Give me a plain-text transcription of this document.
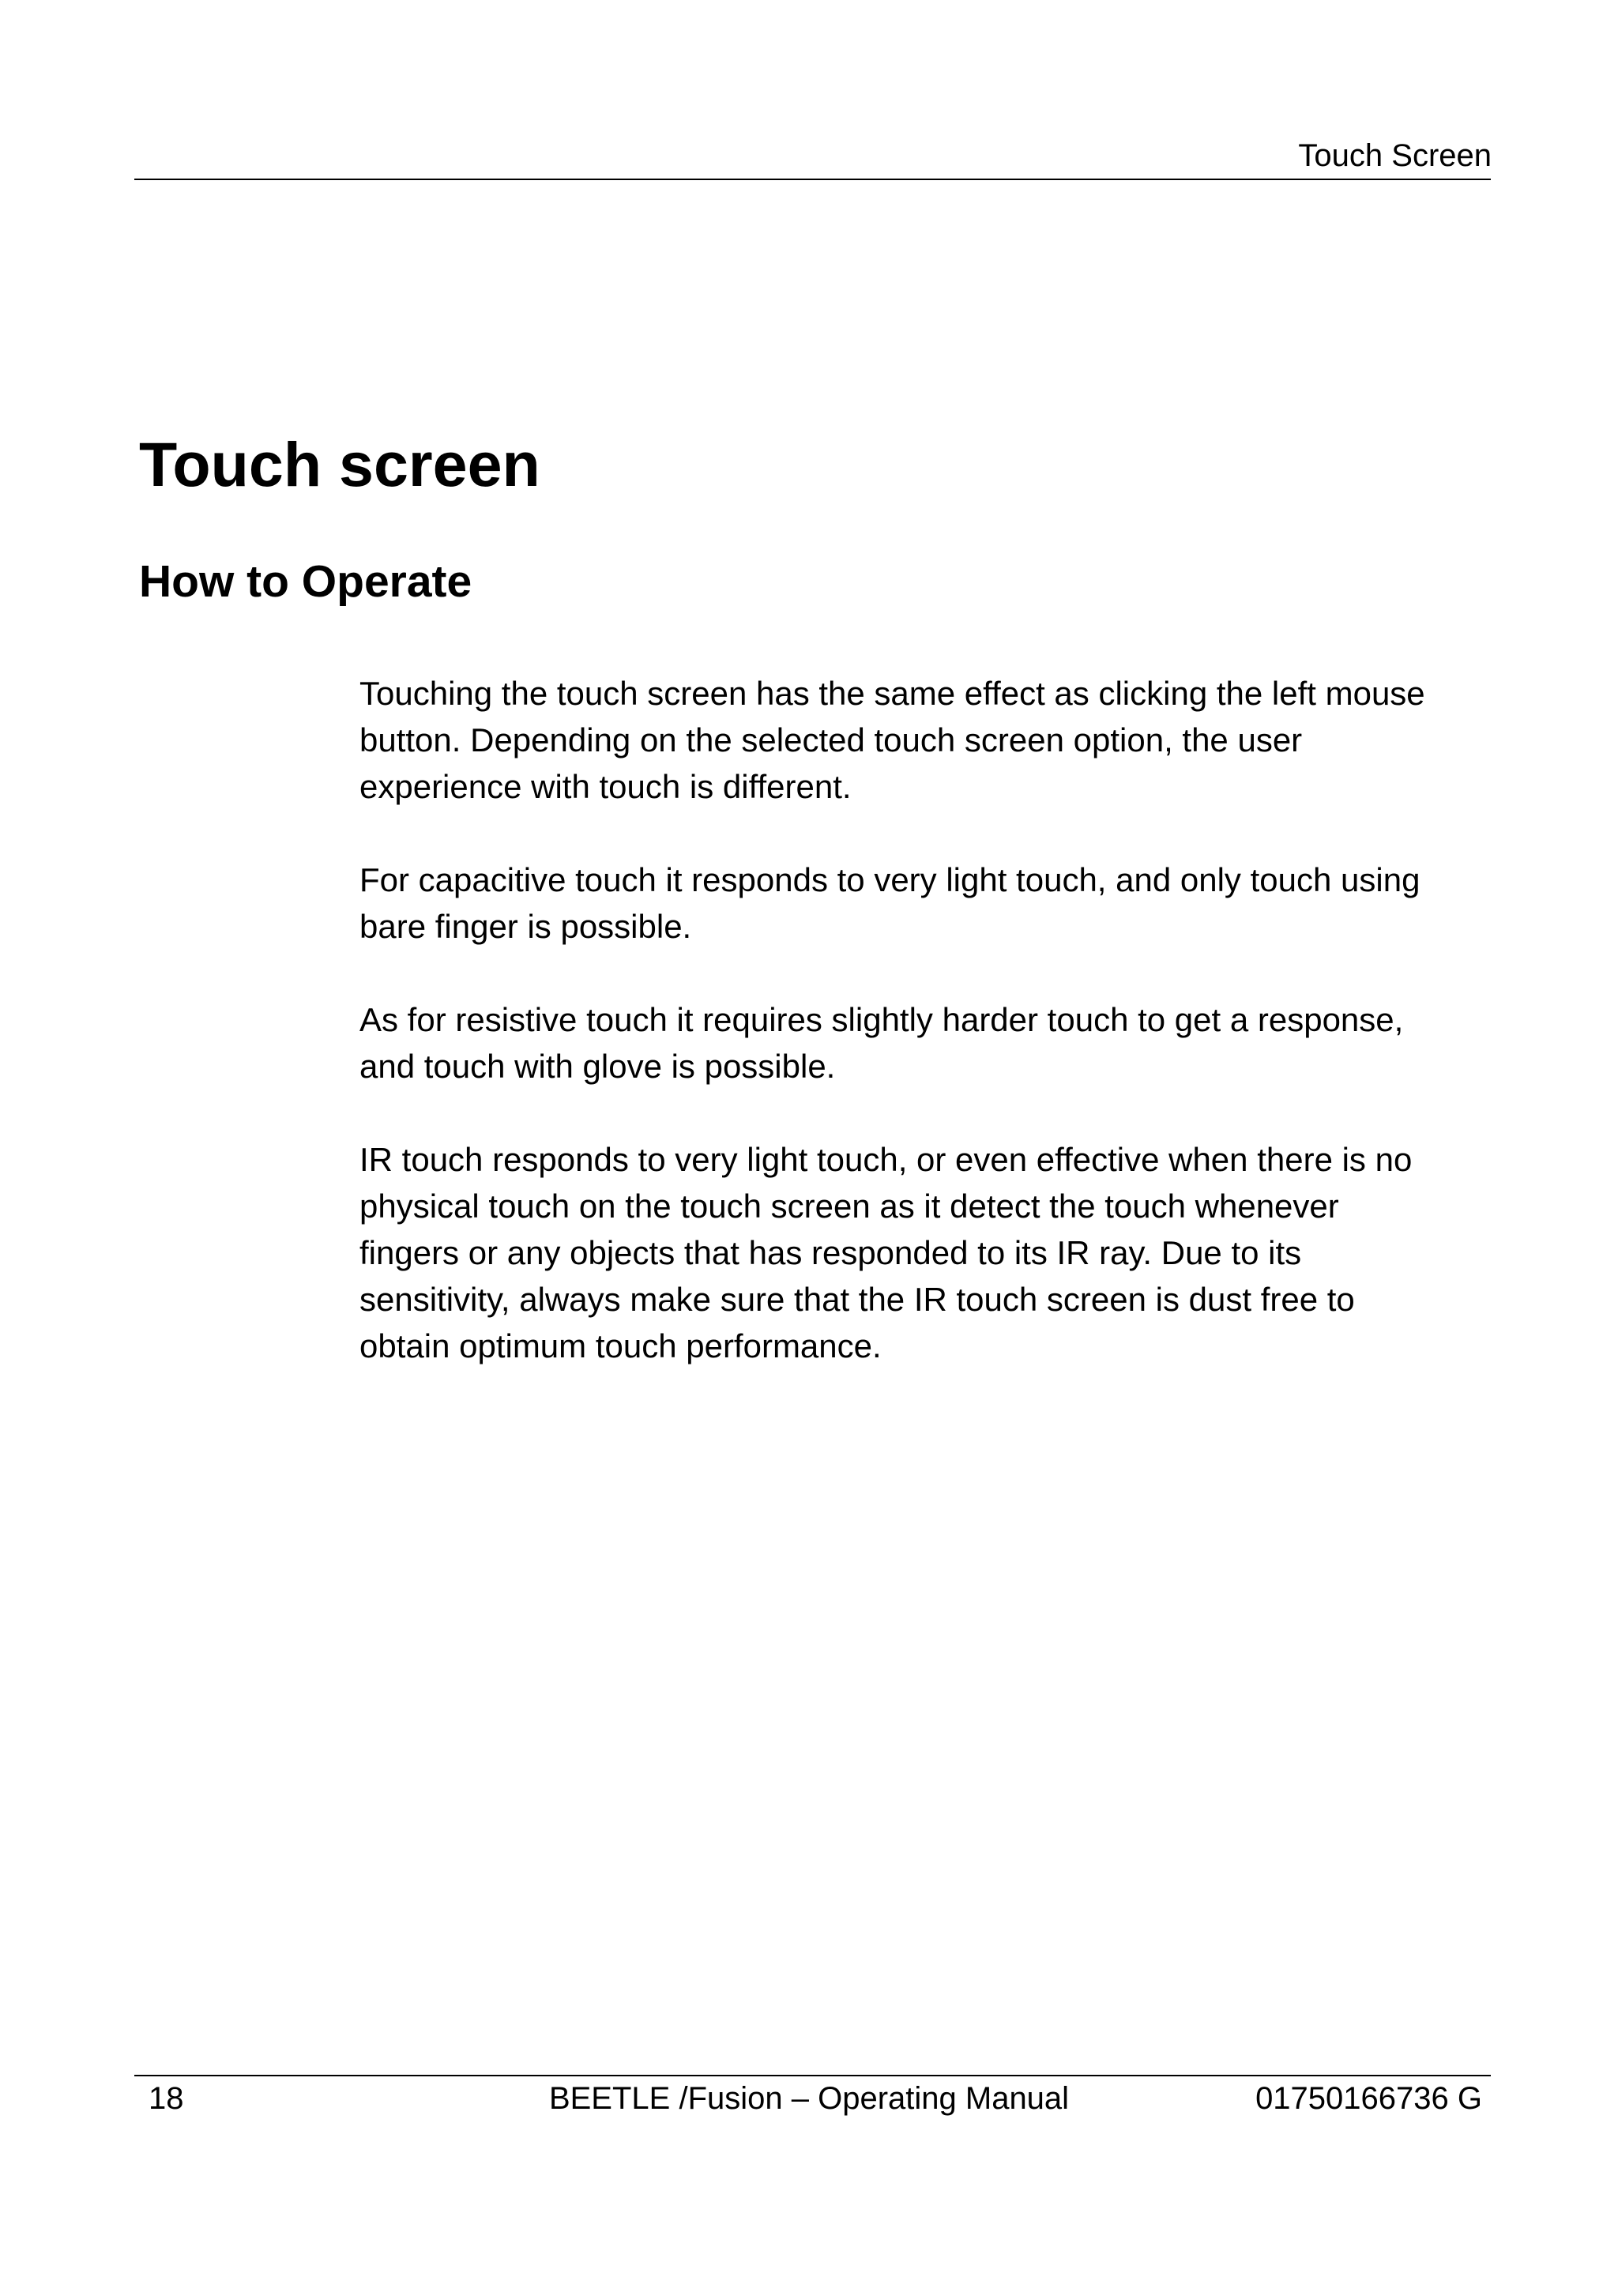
Touch Screen
Touch screen
How to Operate

Touching the touch screen has the same effect as clicking the left mouse
button. Depending on the selected touch screen option, the user
experience with touch is different.

For capacitive touch it responds to very light touch, and only touch using
bare finger is possible.

As for resistive touch it requires slightly harder touch to get a response,
and touch with glove is possible.

IR touch responds to very light touch, or even effective when there is no
physical touch on the touch screen as it detect the touch whenever
fingers or any objects that has responded to its IR ray. Due to its
sensitivity, always make sure that the IR touch screen is dust free to
obtain optimum touch performance.

18	BEETLE /Fusion – Operating Manual	01750166736 G
